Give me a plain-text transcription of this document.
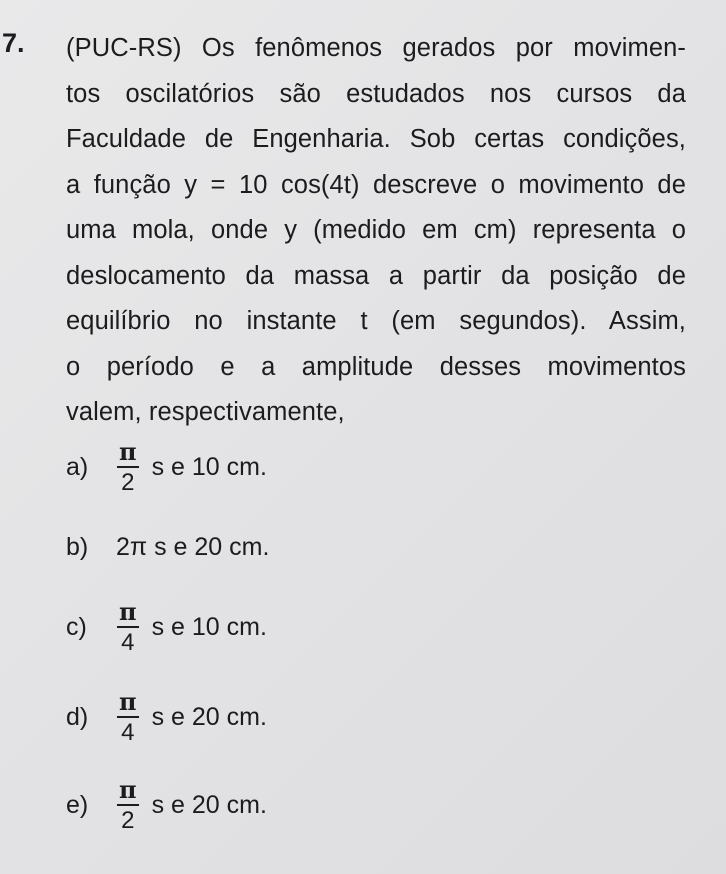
7. (PUC-RS) Os fenômenos gerados por movimen-
tos oscilatórios são estudados nos cursos da
Faculdade de Engenharia. Sob certas condições,
a função y = 10 cos(4t) descreve o movimento de
uma mola, onde y (medido em cm) representa o
deslocamento da massa a partir da posição de
equilíbrio no instante t (em segundos). Assim,
o período e a amplitude desses movimentos
valem, respectivamente,
a)	$\frac{\pi}{2}$ s e 10 cm.
b)	2π s e 20 cm.
c)	$\frac{\pi}{4}$ s e 10 cm.
d)	$\frac{\pi}{4}$ s e 20 cm.
e)	$\frac{\pi}{2}$ s e 20 cm.
